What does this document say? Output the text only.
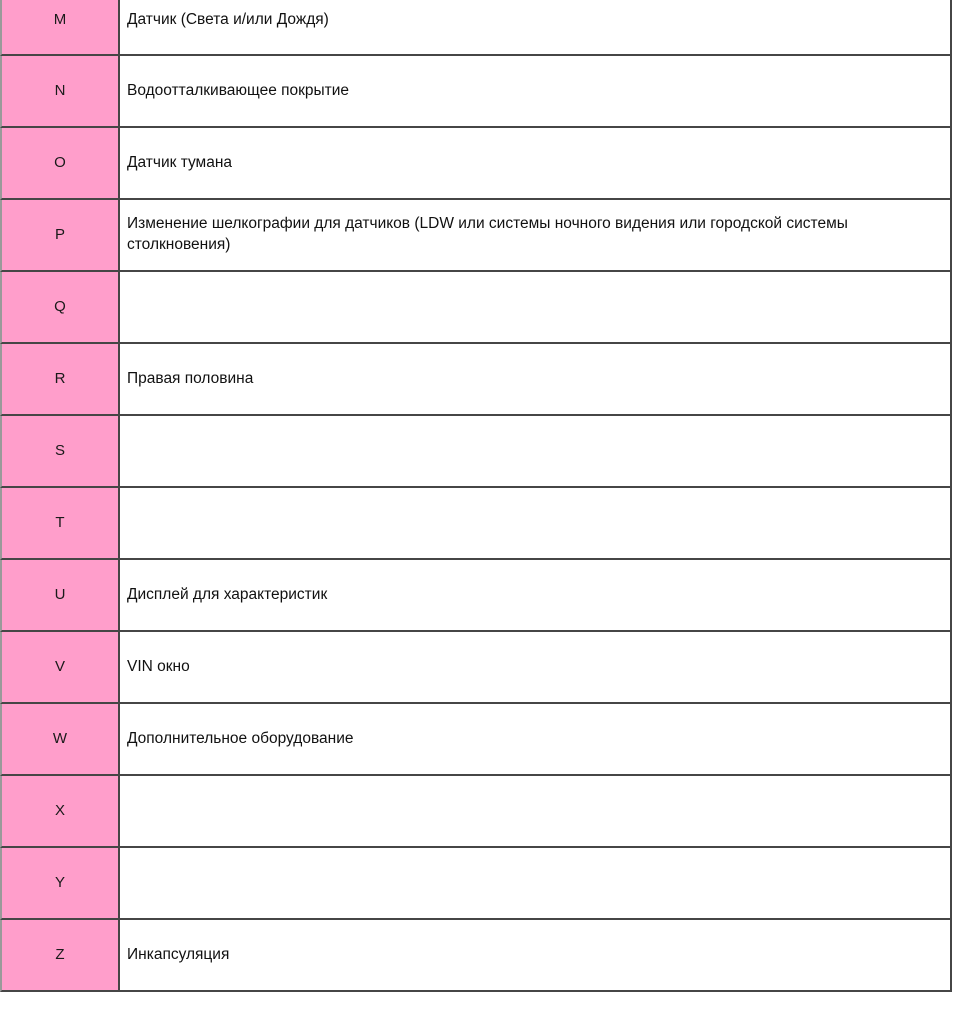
M	Датчик (Света и/или Дождя)

N	Водоотталкивающее покрытие

O	Датчик тумана

P	Изменение шелкографии для датчиков (LDW или системы ночного видения или городской системы столкновения)

Q	

R	Правая половина

S	

T	

U	Дисплей для характеристик

V	VIN окно

W	Дополнительное оборудование

X	

Y	

Z	Инкапсуляция
